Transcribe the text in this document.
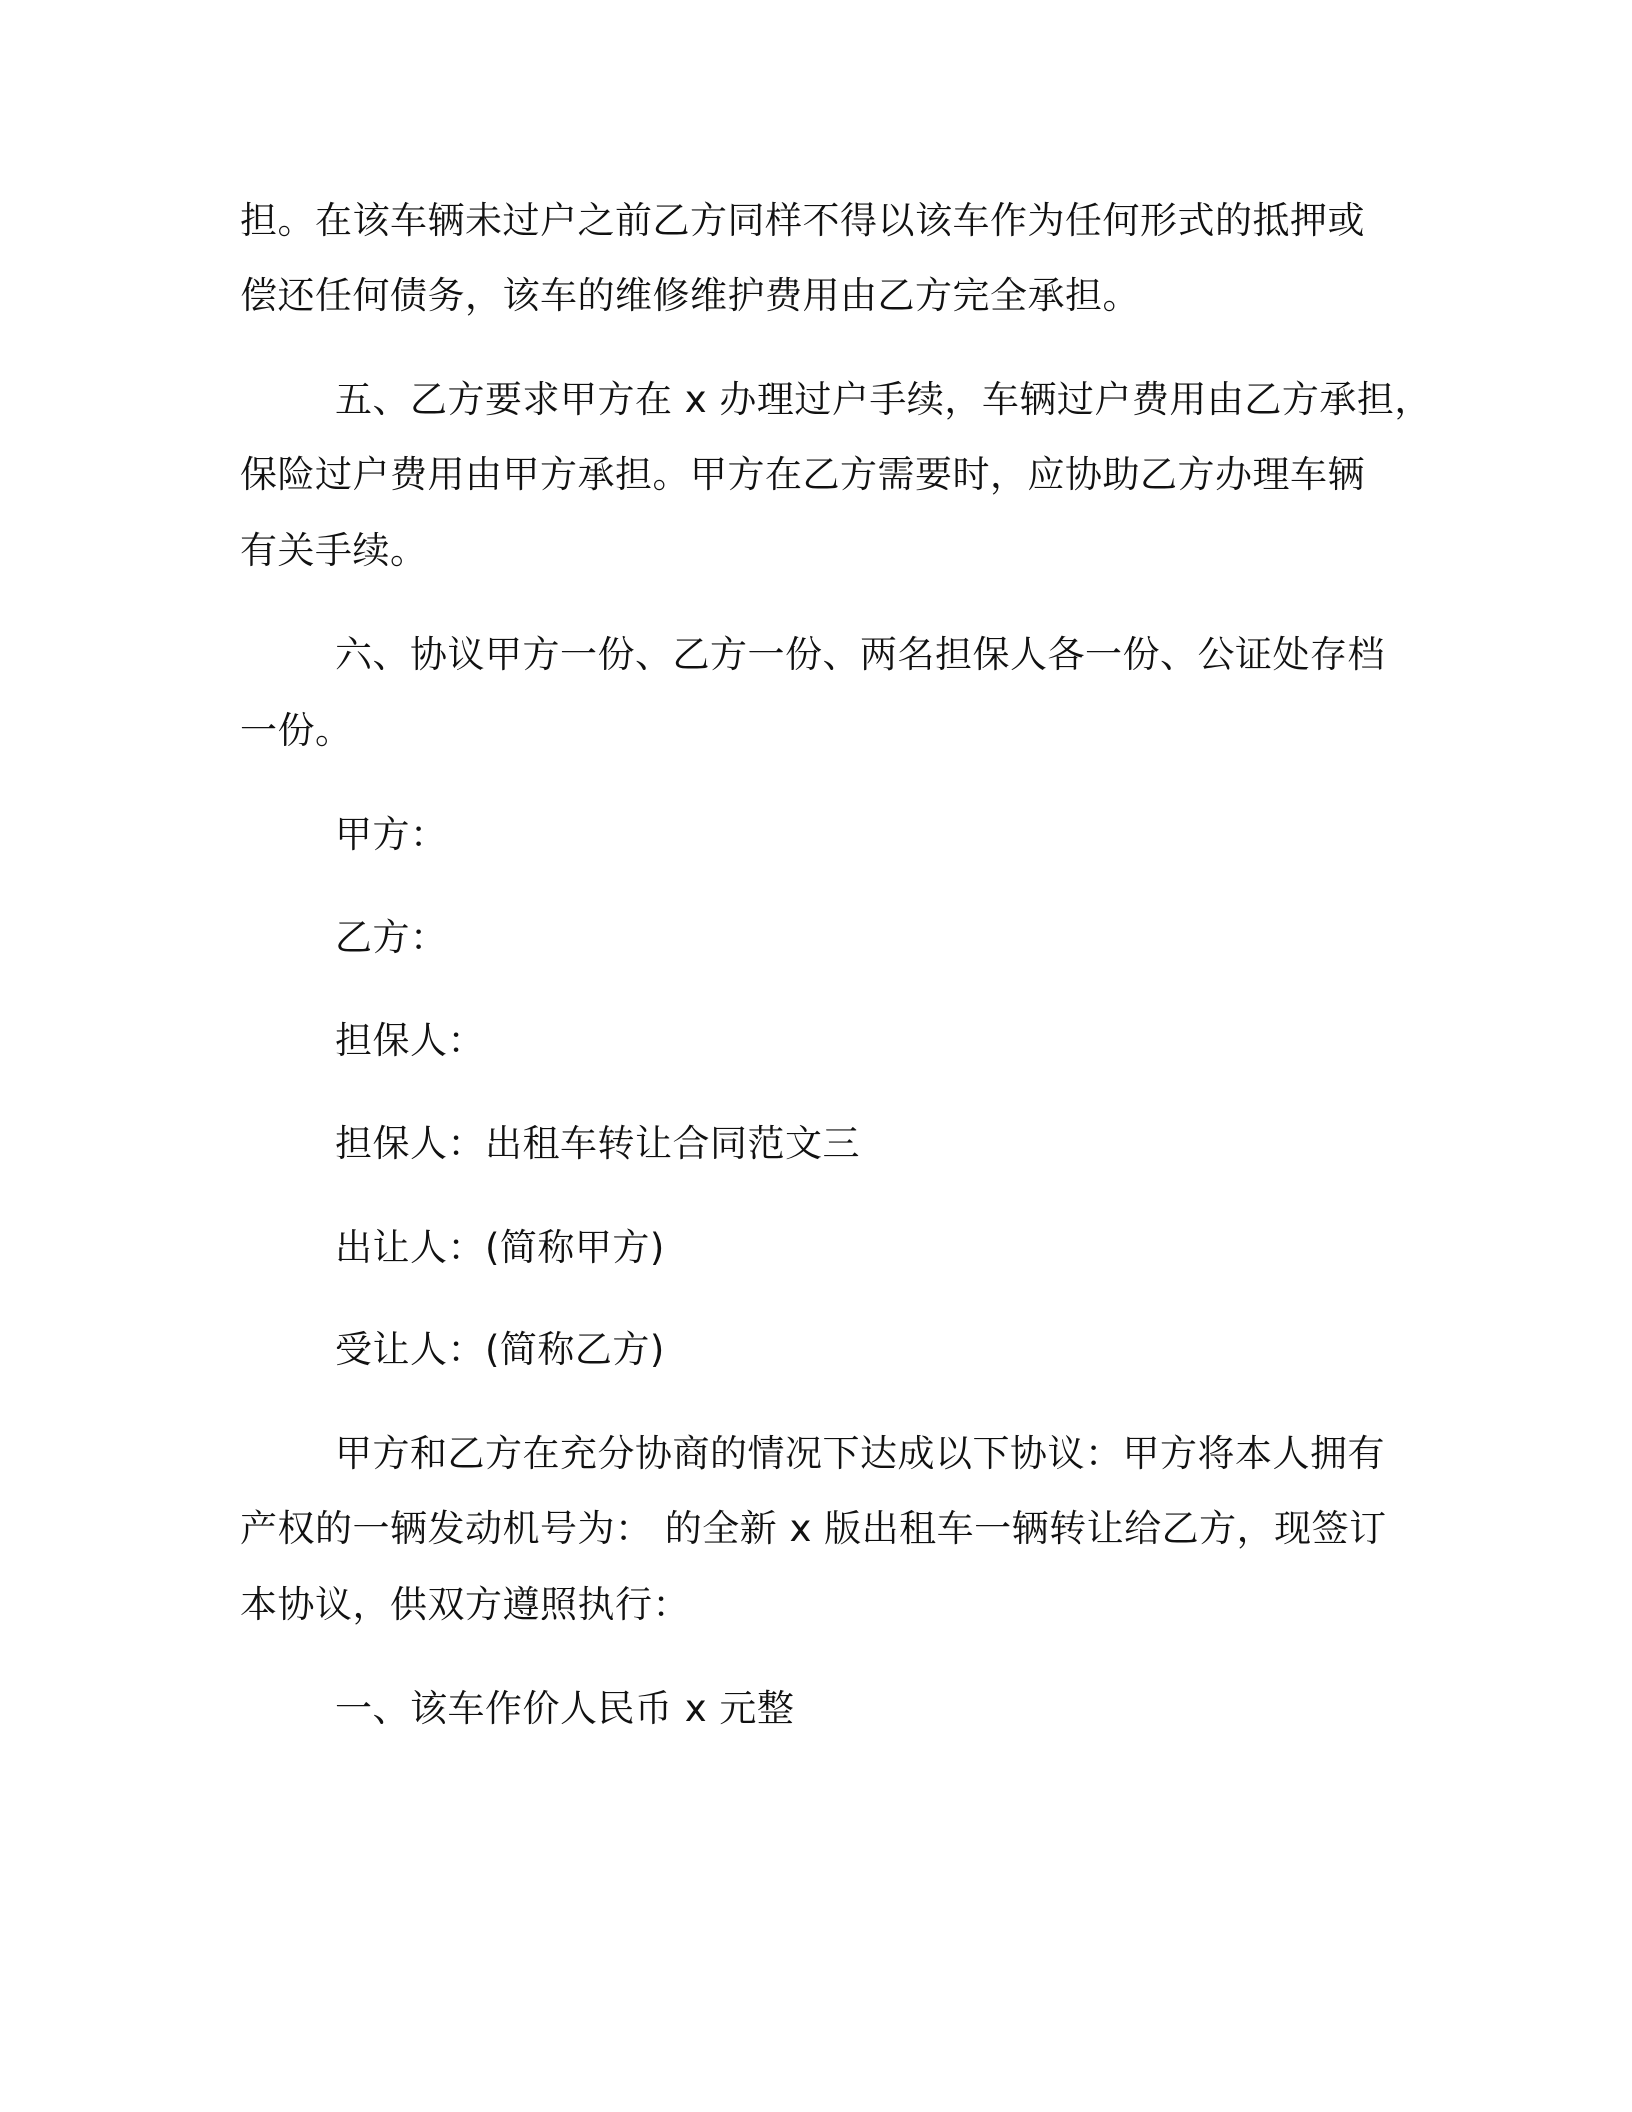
担。在该车辆未过户之前乙方同样不得以该车作为任何形式的抵押或
偿还任何债务，该车的维修维护费用由乙方完全承担。
五、乙方要求甲方在 x 办理过户手续，车辆过户费用由乙方承担，
保险过户费用由甲方承担。甲方在乙方需要时，应协助乙方办理车辆
有关手续。
六、协议甲方一份、乙方一份、两名担保人各一份、公证处存档
一份。
甲方：
乙方：
担保人：
担保人：出租车转让合同范文三
出让人：(简称甲方)
受让人：(简称乙方)
甲方和乙方在充分协商的情况下达成以下协议：甲方将本人拥有
产权的一辆发动机号为： 的全新 x 版出租车一辆转让给乙方，现签订
本协议，供双方遵照执行：
一、该车作价人民币 x 元整
